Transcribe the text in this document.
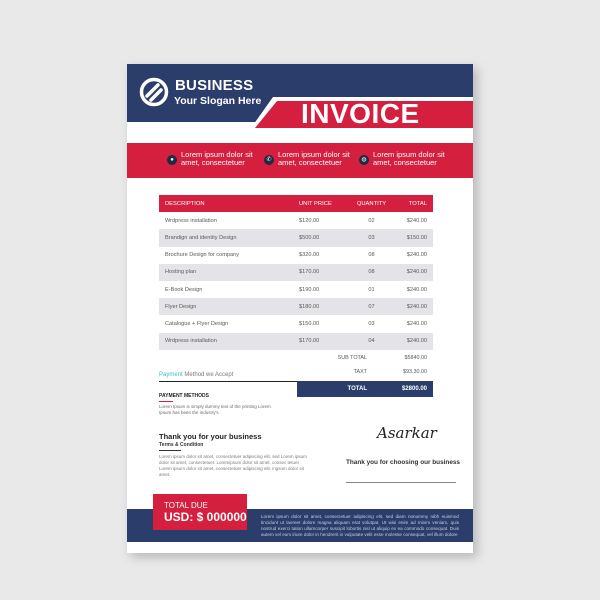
BUSINESS
Your Slogan Here INVOICE
●
Lorem ipsum dolor sit
amet, consectetuer	✆
Lorem ipsum dolor sit
amet, consectetuer	◍
Lorem ipsum dolor sit
amet, consectetuer
DESCRIPTION	UNIT PRICE	QUANTITY	TOTAL
Wrdpress installation	$120.00	02	$240.00
Brandign and identity Design	$500.00	03	$150.00
Brochure Design for company	$320.00	08	$240.00
Hosting plan	$170.00	08	$240.00
E-Book Design	$190.00	01	$240.00
Flyer Design	$180.00	07	$240.00
Catalogue + Flyer Design	$150.00	03	$240.00
Wrdpress installation	$170.00	04	$240.00
SUB TOTAL	$5840.00
TAXT	$93.30.00
TOTAL	$2800.00
Payment Method we Accept
PAYMENT METHODS
Lorem Ipsum is simply dummy text of the printing Lorem Ipsum has been the industry's
Thank you for your business
Terms & Condition
Lorem ipsum dolor sit amet, consectetuer adipiscing elit, sed Lorem ipsum dolor sit amet, consectetuer. Loremipsum dolor sit amet, consec tetuer Lorem ipsum dolor sit amet, consectetuer adipiscing elit, ingsum dolor sit amet.
Asarkar
Thank you for choosing our business
Lorem ipsum dolor sit amet, consectetuer adipiscing elit, sed diam nonummy nibh euismod tincidunt ut laoreet dolore magna aliquam erat volutpat. Ut wisi enim ad minim veniam, quis nostrud exerci tation ullamcorper suscipit lobortis nisl ut aliquip ex ea commodo consequat. Duis autem vel eum iriure dolor in hendrerit in vulputate velit esse molestie consequat, vel illum dolore
TOTAL DUE
USD: $ 000000
